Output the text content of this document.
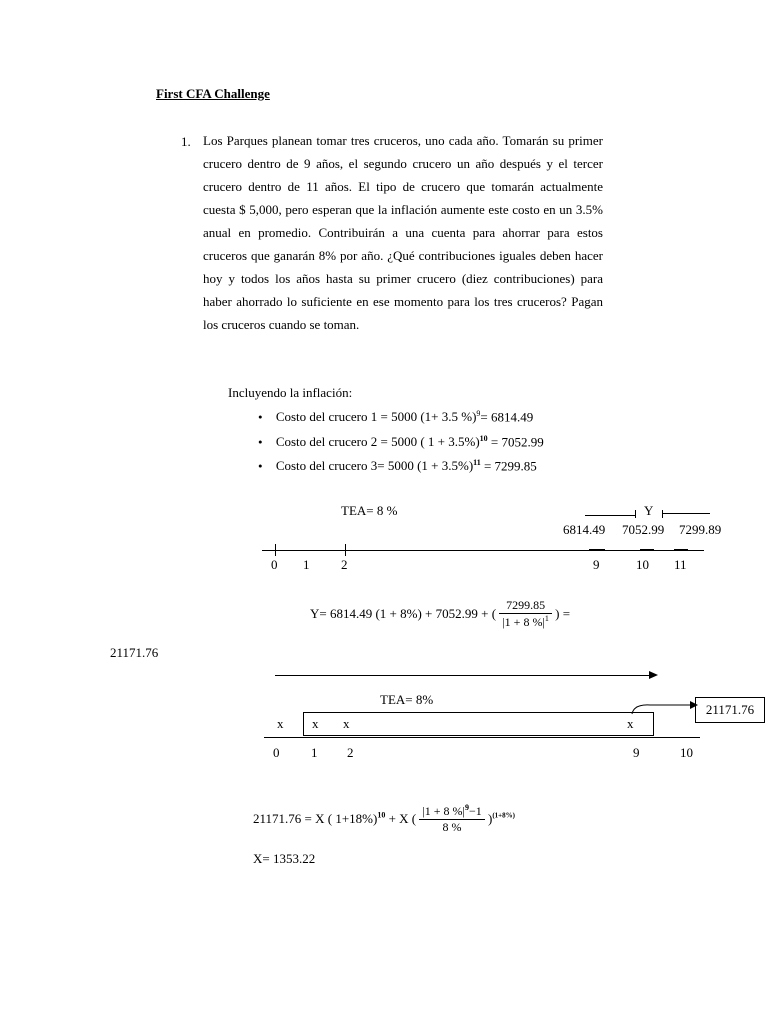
First CFA Challenge
1. Los Parques planean tomar tres cruceros, uno cada año. Tomarán su primer crucero dentro de 9 años, el segundo crucero un año después y el tercer crucero dentro de 11 años. El tipo de crucero que tomarán actualmente cuesta $ 5,000, pero esperan que la inflación aumente este costo en un 3.5% anual en promedio. Contribuirán a una cuenta para ahorrar para estos cruceros que ganarán 8% por año. ¿Qué contribuciones iguales deben hacer hoy y todos los años hasta su primer crucero (diez contribuciones) para haber ahorrado lo suficiente en ese momento para los tres cruceros? Pagan los cruceros cuando se toman.
Incluyendo la inflación:
• Costo del crucero 1 = 5000 (1+ 3.5 %)$^9$= 6814.49
• Costo del crucero 2 = 5000 ( 1 + 3.5%)$^{10}$ = 7052.99
• Costo del crucero 3= 5000 $(1 + 3.5\%)^{11} = 7299.85$
TEA= 8 %	Y
6814.49 7052.99 7299.89
0 1 2	9	10 11
Y= 6814.49 (1 + 8%) + 7052.99 + ( $\frac{7299.85}{|1 + 8 \%|^1}$ ) =
21171.76
TEA= 8%
x x x	x
21171.76
0 1 2	9	10
21171.76 = X ( 1+18%)$^{10}$ + X ( $\frac{|1 + 8 \%|^9-1}{8 \%} )^{(1+8\%)}$
X= 1353.22
